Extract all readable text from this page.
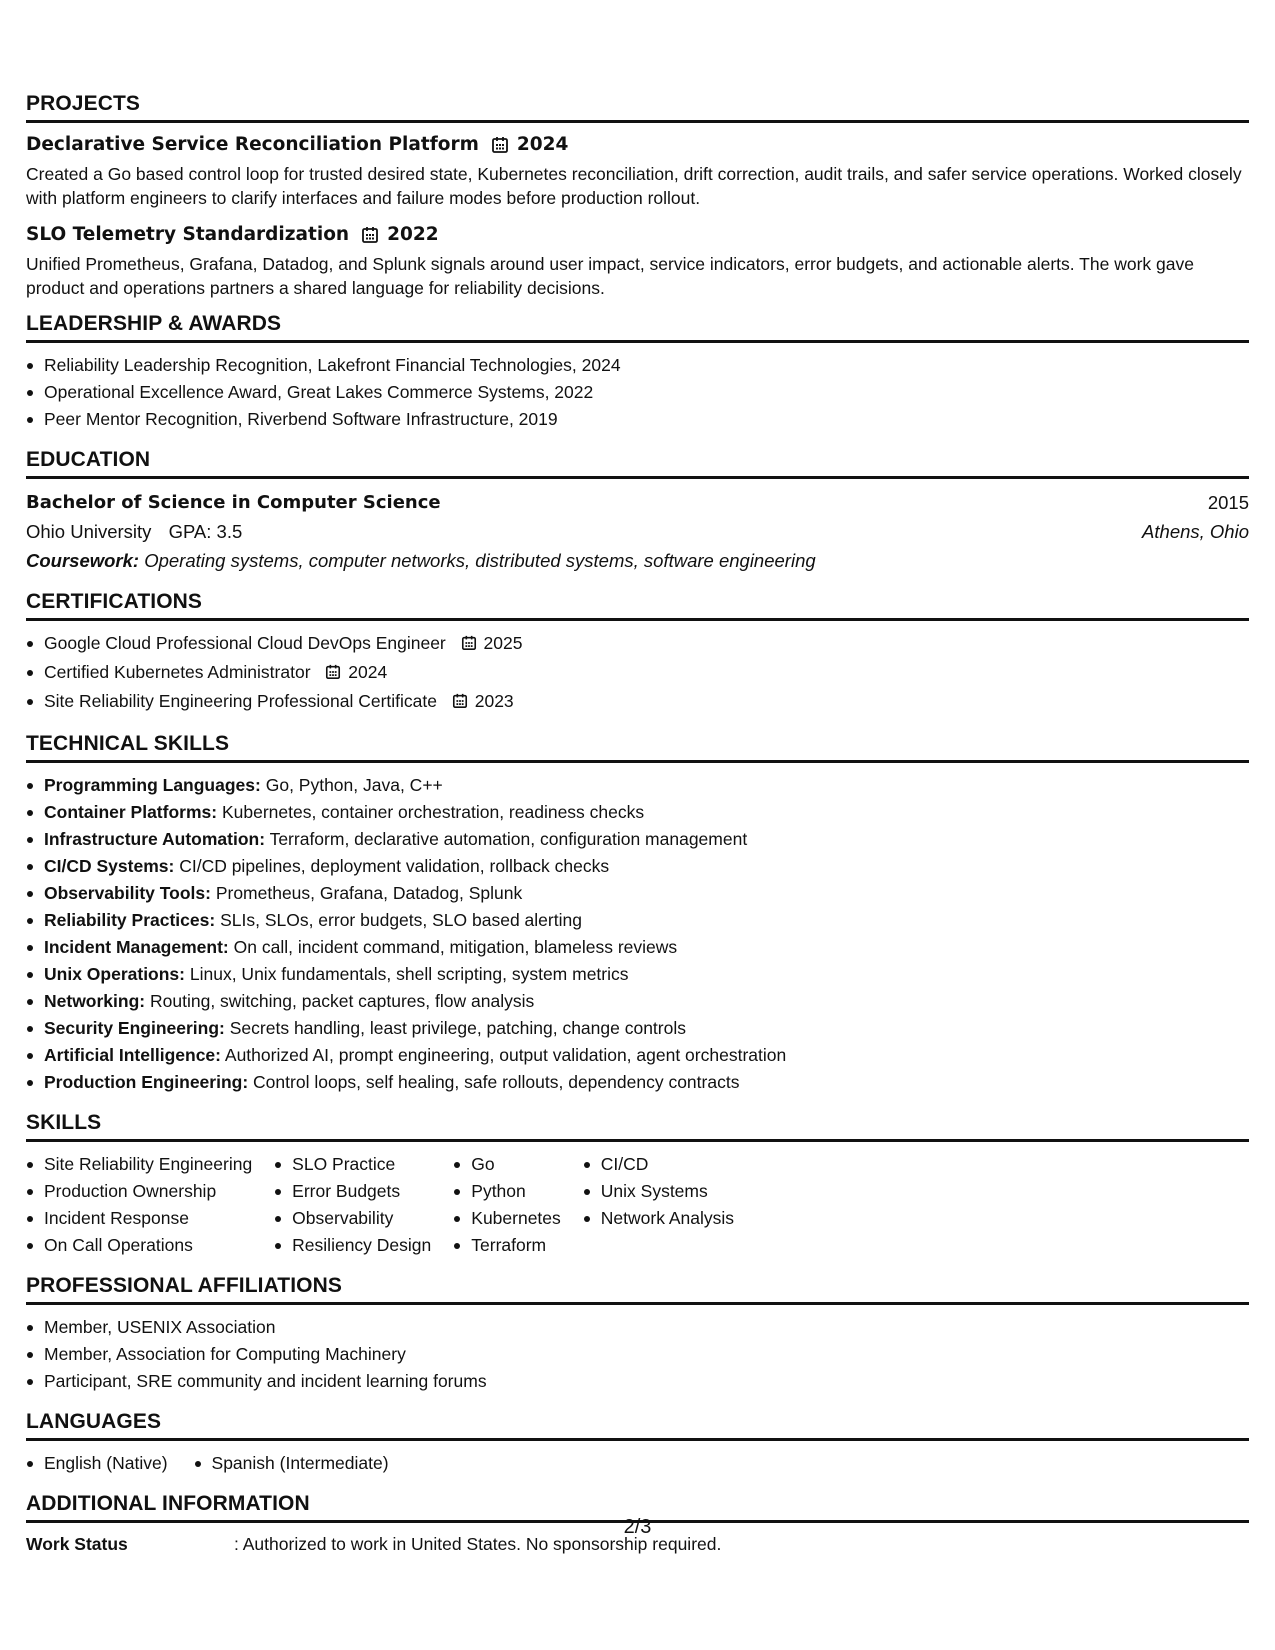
PROJECTS
Declarative Service Reconciliation Platform 2024
Created a Go based control loop for trusted desired state, Kubernetes reconciliation, drift correction, audit trails, and safer service operations. Worked closely with platform engineers to clarify interfaces and failure modes before production rollout.
SLO Telemetry Standardization 2022
Unified Prometheus, Grafana, Datadog, and Splunk signals around user impact, service indicators, error budgets, and actionable alerts. The work gave product and operations partners a shared language for reliability decisions.
LEADERSHIP & AWARDS
Reliability Leadership Recognition, Lakefront Financial Technologies, 2024
Operational Excellence Award, Great Lakes Commerce Systems, 2022
Peer Mentor Recognition, Riverbend Software Infrastructure, 2019
EDUCATION
Bachelor of Science in Computer Science	2015
Ohio University GPA: 3.5	Athens, Ohio
Coursework: Operating systems, computer networks, distributed systems, software engineering
CERTIFICATIONS
Google Cloud Professional Cloud DevOps Engineer 2025
Certified Kubernetes Administrator 2024
Site Reliability Engineering Professional Certificate 2023
TECHNICAL SKILLS
Programming Languages: Go, Python, Java, C++
Container Platforms: Kubernetes, container orchestration, readiness checks
Infrastructure Automation: Terraform, declarative automation, configuration management
CI/CD Systems: CI/CD pipelines, deployment validation, rollback checks
Observability Tools: Prometheus, Grafana, Datadog, Splunk
Reliability Practices: SLIs, SLOs, error budgets, SLO based alerting
Incident Management: On call, incident command, mitigation, blameless reviews
Unix Operations: Linux, Unix fundamentals, shell scripting, system metrics
Networking: Routing, switching, packet captures, flow analysis
Security Engineering: Secrets handling, least privilege, patching, change controls
Artificial Intelligence: Authorized AI, prompt engineering, output validation, agent orchestration
Production Engineering: Control loops, self healing, safe rollouts, dependency contracts
SKILLS
Site Reliability Engineering
Production Ownership
Incident Response
On Call Operations
SLO Practice
Error Budgets
Observability
Resiliency Design
Go
Python
Kubernetes
Terraform
CI/CD
Unix Systems
Network Analysis
PROFESSIONAL AFFILIATIONS
Member, USENIX Association
Member, Association for Computing Machinery
Participant, SRE community and incident learning forums
LANGUAGES
English (Native)	Spanish (Intermediate)
ADDITIONAL INFORMATION
Work Status	: Authorized to work in United States. No sponsorship required.
2/3
